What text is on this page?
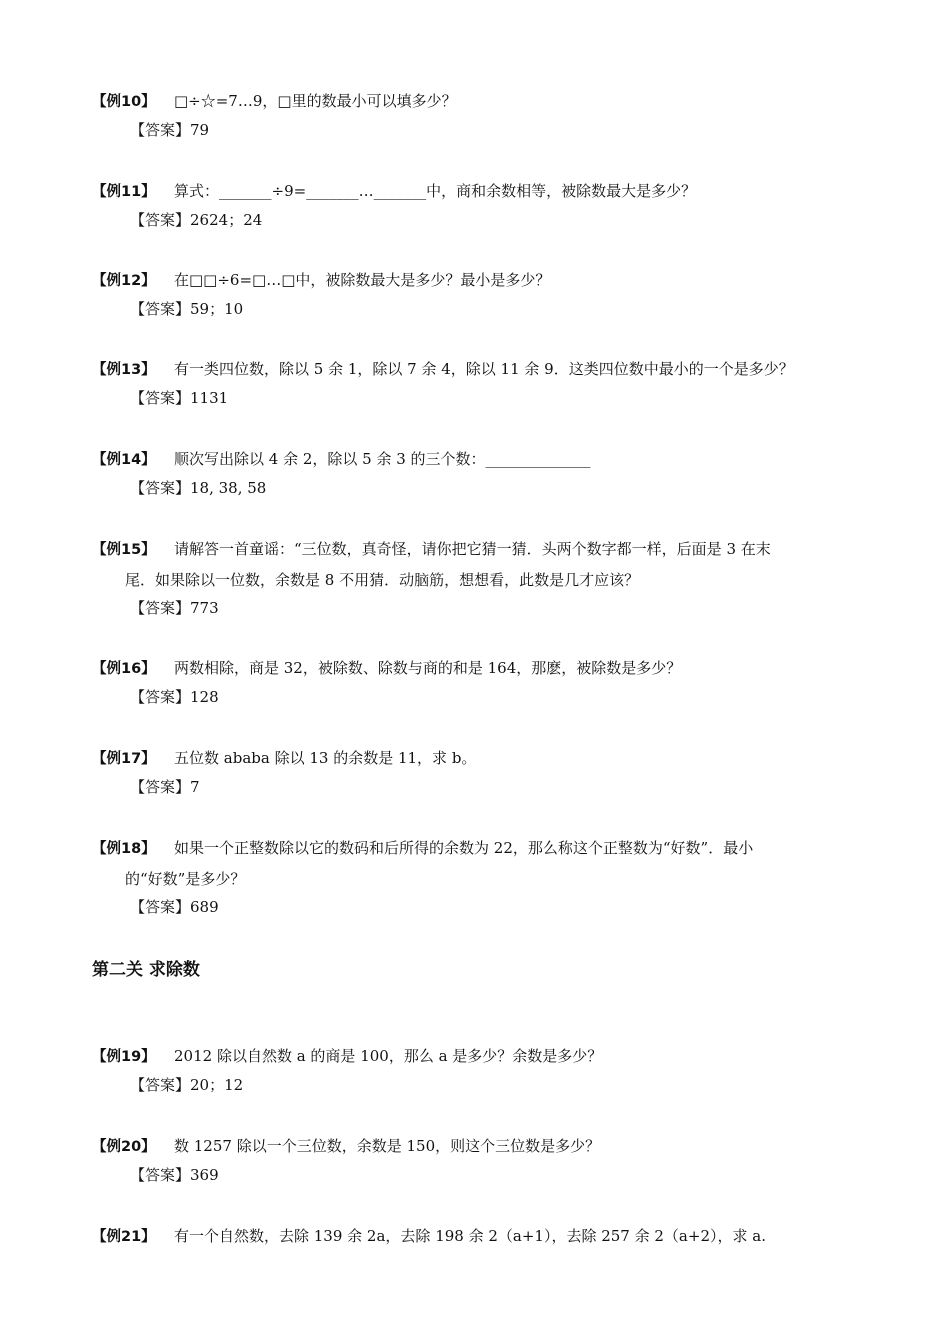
【例10】 □÷☆=7…9，□里的数最小可以填多少？

【答案】79

【例11】 算式：_______÷9=_______…_______中，商和余数相等，被除数最大是多少？

【答案】2624；24

【例12】 在□□÷6=□…□中，被除数最大是多少？最小是多少？

【答案】59；10

【例13】 有一类四位数，除以 5 余 1，除以 7 余 4，除以 11 余 9．这类四位数中最小的一个是多少？

【答案】1131

【例14】 顺次写出除以 4 余 2，除以 5 余 3 的三个数：______________

【答案】18, 38, 58

【例15】 请解答一首童谣：“三位数，真奇怪，请你把它猜一猜．头两个数字都一样，后面是 3 在末

尾．如果除以一位数，余数是 8 不用猜．动脑筋，想想看，此数是几才应该？

【答案】773

【例16】 两数相除，商是 32，被除数、除数与商的和是 164，那麽，被除数是多少？

【答案】128

【例17】 五位数 ababa 除以 13 的余数是 11，求 b。

【答案】7

【例18】 如果一个正整数除以它的数码和后所得的余数为 22，那么称这个正整数为“好数”．最小

的“好数”是多少？

【答案】689

第二关 求除数

【例19】 2012 除以自然数 a 的商是 100，那么 a 是多少？余数是多少？

【答案】20；12

【例20】 数 1257 除以一个三位数，余数是 150，则这个三位数是多少？

【答案】369

【例21】 有一个自然数，去除 139 余 2a，去除 198 余 2（a+1），去除 257 余 2（a+2），求 a.
